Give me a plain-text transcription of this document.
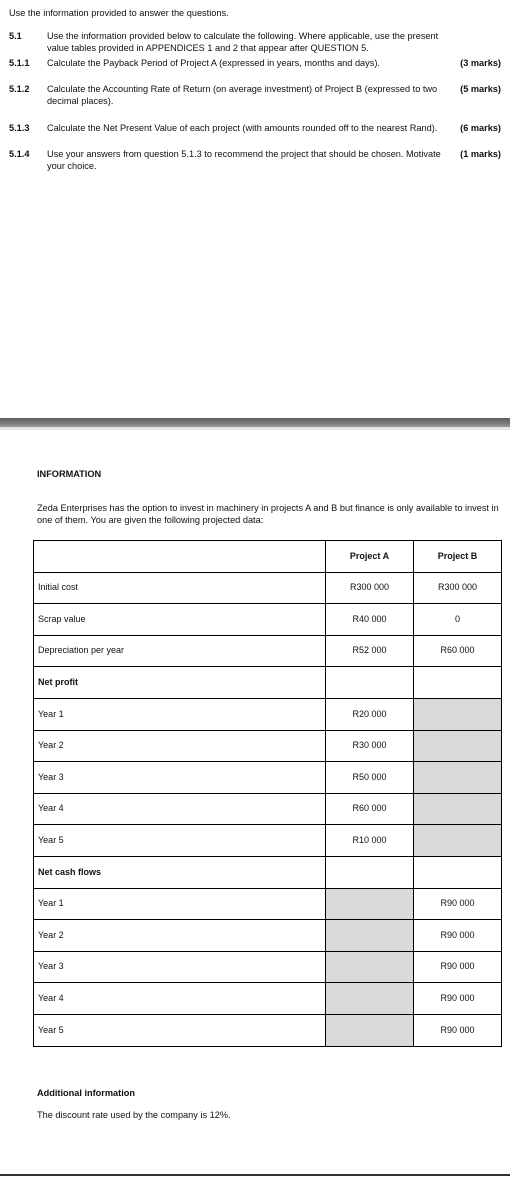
Use the information provided to answer the questions.
5.1	Use the information provided below to calculate the following. Where applicable, use the present value tables provided in APPENDICES 1 and 2 that appear after QUESTION 5.
5.1.1 Calculate the Payback Period of Project A (expressed in years, months and days).	(3 marks)
5.1.2 Calculate the Accounting Rate of Return (on average investment) of Project B (expressed to two decimal places).
(5 marks)
5.1.3 Calculate the Net Present Value of each project (with amounts rounded off to the nearest Rand).	(6 marks)
5.1.4 Use your answers from question 5.1.3 to recommend the project that should be chosen. Motivate your choice.
(1 marks)
INFORMATION
Zeda Enterprises has the option to invest in machinery in projects A and B but finance is only available to invest in one of them. You are given the following projected data:
	Project A	Project B
Initial cost	R300 000	R300 000
Scrap value	R40 000	0
Depreciation per year	R52 000	R60 000
Net profit		
Year 1	R20 000	
Year 2	R30 000	
Year 3	R50 000	
Year 4	R60 000	
Year 5	R10 000	
Net cash flows		
Year 1		R90 000
Year 2		R90 000
Year 3		R90 000
Year 4		R90 000
Year 5		R90 000
Additional information
The discount rate used by the company is 12%.
